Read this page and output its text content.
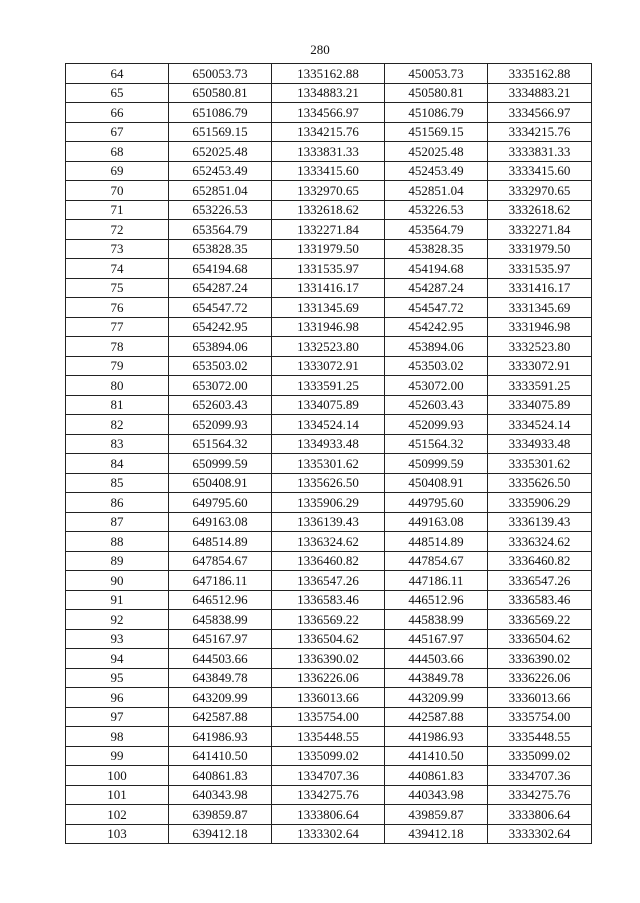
280
64	650053.73	1335162.88	450053.73	3335162.88
65	650580.81	1334883.21	450580.81	3334883.21
66	651086.79	1334566.97	451086.79	3334566.97
67	651569.15	1334215.76	451569.15	3334215.76
68	652025.48	1333831.33	452025.48	3333831.33
69	652453.49	1333415.60	452453.49	3333415.60
70	652851.04	1332970.65	452851.04	3332970.65
71	653226.53	1332618.62	453226.53	3332618.62
72	653564.79	1332271.84	453564.79	3332271.84
73	653828.35	1331979.50	453828.35	3331979.50
74	654194.68	1331535.97	454194.68	3331535.97
75	654287.24	1331416.17	454287.24	3331416.17
76	654547.72	1331345.69	454547.72	3331345.69
77	654242.95	1331946.98	454242.95	3331946.98
78	653894.06	1332523.80	453894.06	3332523.80
79	653503.02	1333072.91	453503.02	3333072.91
80	653072.00	1333591.25	453072.00	3333591.25
81	652603.43	1334075.89	452603.43	3334075.89
82	652099.93	1334524.14	452099.93	3334524.14
83	651564.32	1334933.48	451564.32	3334933.48
84	650999.59	1335301.62	450999.59	3335301.62
85	650408.91	1335626.50	450408.91	3335626.50
86	649795.60	1335906.29	449795.60	3335906.29
87	649163.08	1336139.43	449163.08	3336139.43
88	648514.89	1336324.62	448514.89	3336324.62
89	647854.67	1336460.82	447854.67	3336460.82
90	647186.11	1336547.26	447186.11	3336547.26
91	646512.96	1336583.46	446512.96	3336583.46
92	645838.99	1336569.22	445838.99	3336569.22
93	645167.97	1336504.62	445167.97	3336504.62
94	644503.66	1336390.02	444503.66	3336390.02
95	643849.78	1336226.06	443849.78	3336226.06
96	643209.99	1336013.66	443209.99	3336013.66
97	642587.88	1335754.00	442587.88	3335754.00
98	641986.93	1335448.55	441986.93	3335448.55
99	641410.50	1335099.02	441410.50	3335099.02
100	640861.83	1334707.36	440861.83	3334707.36
101	640343.98	1334275.76	440343.98	3334275.76
102	639859.87	1333806.64	439859.87	3333806.64
103	639412.18	1333302.64	439412.18	3333302.64
